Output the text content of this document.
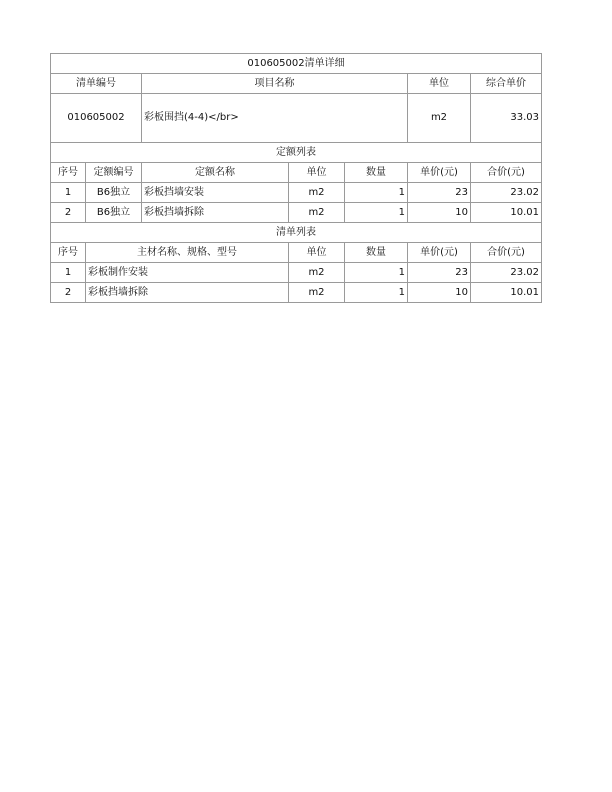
010605002清单详细						
清单编号		项目名称			单位	综合单价
010605002		彩板围挡(4-4)</br>			m2	33.03
定额列表						
序号	定额编号	定额名称	单位	数量	单价(元)	合价(元)
1	B6独立	彩板挡墙安装	m2	1	23	23.02
2	B6独立	彩板挡墙拆除	m2	1	10	10.01
清单列表						
序号	主材名称、规格、型号		单位	数量	单价(元)	合价(元)
1	彩板制作安装		m2	1	23	23.02
2	彩板挡墙拆除		m2	1	10	10.01
